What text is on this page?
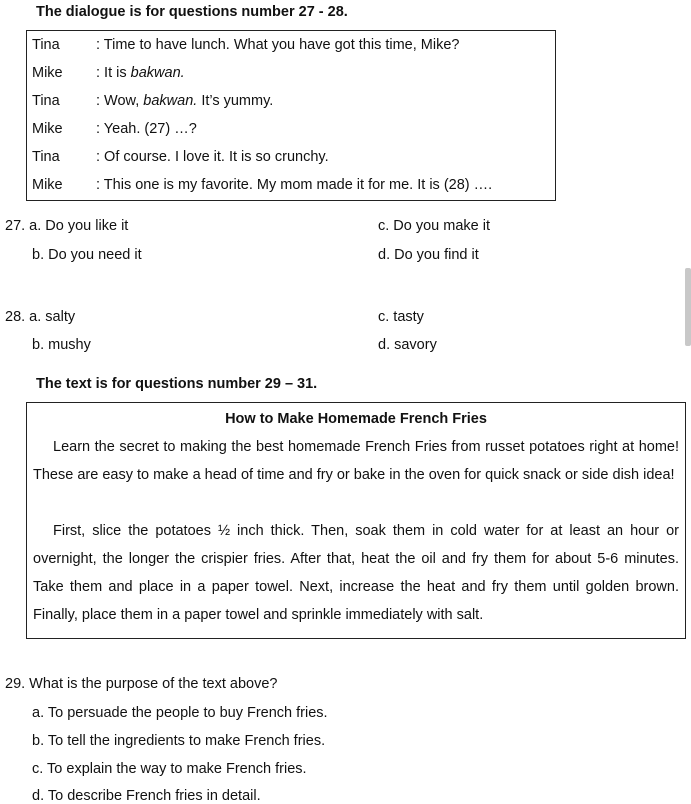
The dialogue is for questions number 27 - 28.
Tina	: Time to have lunch. What you have got this time, Mike?
Mike : It is bakwan.
Tina	: Wow, bakwan. It’s yummy.
Mike : Yeah. (27) …?
Tina	: Of course. I love it. It is so crunchy.
Mike : This one is my favorite. My mom made it for me. It is (28) ….
27. a. Do you like it	c. Do you make it
b. Do you need it	d. Do you find it
28. a. salty	c. tasty
b. mushy	d. savory
The text is for questions number 29 – 31.
How to Make Homemade French Fries
Learn the secret to making the best homemade French Fries from russet potatoes right at home! These are easy to make a head of time and fry or bake in the oven for quick snack or side dish idea!
First, slice the potatoes ½ inch thick. Then, soak them in cold water for at least an hour or overnight, the longer the crispier fries. After that, heat the oil and fry them for about 5-6 minutes. Take them and place in a paper towel. Next, increase the heat and fry them until golden brown. Finally, place them in a paper towel and sprinkle immediately with salt.
29. What is the purpose of the text above?
a. To persuade the people to buy French fries.
b. To tell the ingredients to make French fries.
c. To explain the way to make French fries.
d. To describe French fries in detail.
